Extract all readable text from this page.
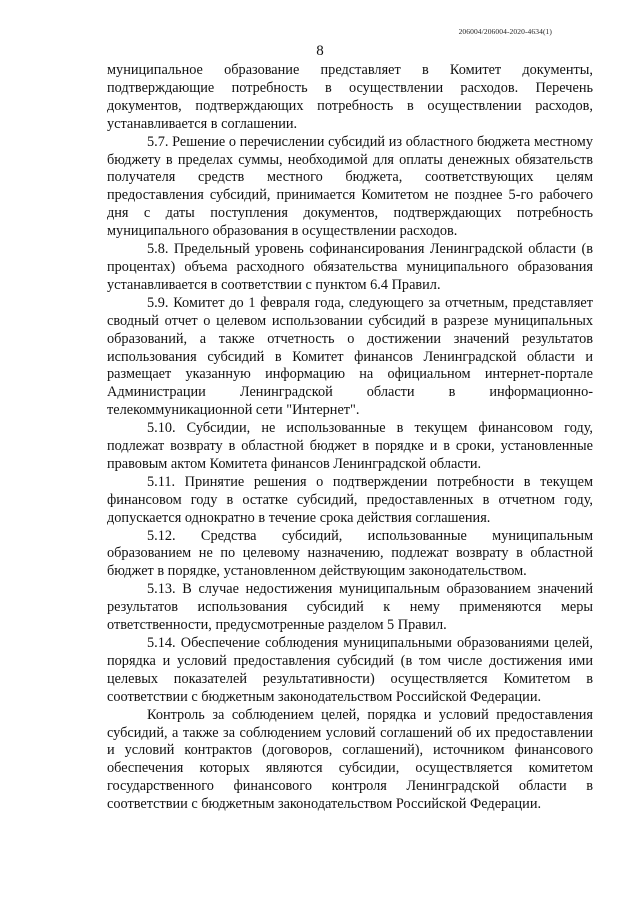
206004/206004-2020-4634(1)
8

муниципальное образование представляет в Комитет документы, подтверждающие потребность в осуществлении расходов. Перечень документов, подтверждающих потребность в осуществлении расходов, устанавливается в соглашении.

5.7. Решение о перечислении субсидий из областного бюджета местному бюджету в пределах суммы, необходимой для оплаты денежных обязательств получателя средств местного бюджета, соответствующих целям предоставления субсидий, принимается Комитетом не позднее 5-го рабочего дня с даты поступления документов, подтверждающих потребность муниципального образования в осуществлении расходов.

5.8. Предельный уровень софинансирования Ленинградской области (в процентах) объема расходного обязательства муниципального образования устанавливается в соответствии с пунктом 6.4 Правил.

5.9. Комитет до 1 февраля года, следующего за отчетным, представляет сводный отчет о целевом использовании субсидий в разрезе муниципальных образований, а также отчетность о достижении значений результатов использования субсидий в Комитет финансов Ленинградской области и размещает указанную информацию на официальном интернет-портале Администрации Ленинградской области в информационно-телекоммуникационной сети "Интернет".

5.10. Субсидии, не использованные в текущем финансовом году, подлежат возврату в областной бюджет в порядке и в сроки, установленные правовым актом Комитета финансов Ленинградской области.

5.11. Принятие решения о подтверждении потребности в текущем финансовом году в остатке субсидий, предоставленных в отчетном году, допускается однократно в течение срока действия соглашения.

5.12. Средства субсидий, использованные муниципальным образованием не по целевому назначению, подлежат возврату в областной бюджет в порядке, установленном действующим законодательством.

5.13. В случае недостижения муниципальным образованием значений результатов использования субсидий к нему применяются меры ответственности, предусмотренные разделом 5 Правил.

5.14. Обеспечение соблюдения муниципальными образованиями целей, порядка и условий предоставления субсидий (в том числе достижения ими целевых показателей результативности) осуществляется Комитетом в соответствии с бюджетным законодательством Российской Федерации.

Контроль за соблюдением целей, порядка и условий предоставления субсидий, а также за соблюдением условий соглашений об их предоставлении и условий контрактов (договоров, соглашений), источником финансового обеспечения которых являются субсидии, осуществляется комитетом государственного финансового контроля Ленинградской области в соответствии с бюджетным законодательством Российской Федерации.
